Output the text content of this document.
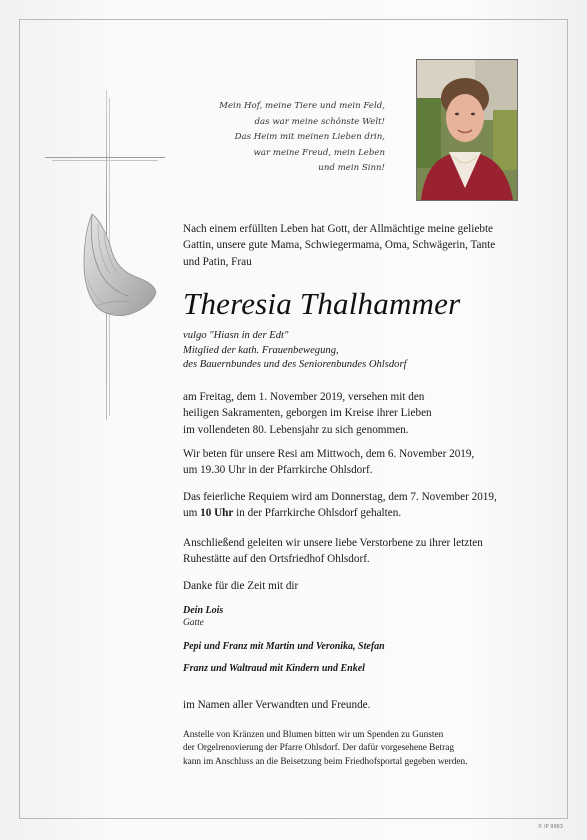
Mein Hof, meine Tiere und mein Feld,
das war meine schönste Welt!
Das Heim mit meinen Lieben drin,
war meine Freud, mein Leben
und mein Sinn!
Nach einem erfüllten Leben hat Gott, der Allmächtige meine geliebte
Gattin, unsere gute Mama, Schwiegermama, Oma, Schwägerin, Tante
und Patin, Frau
Theresia Thalhammer
vulgo "Hiasn in der Edt"
Mitglied der kath. Frauenbewegung,
des Bauernbundes und des Seniorenbundes Ohlsdorf
am Freitag, dem 1. November 2019, versehen mit den
heiligen Sakramenten, geborgen im Kreise ihrer Lieben
im vollendeten 80. Lebensjahr zu sich genommen.
Wir beten für unsere Resi am Mittwoch, dem 6. November 2019,
um 19.30 Uhr in der Pfarrkirche Ohlsdorf.
Das feierliche Requiem wird am Donnerstag, dem 7. November 2019,
um 10 Uhr in der Pfarrkirche Ohlsdorf gehalten.
Anschließend geleiten wir unsere liebe Verstorbene zu ihrer letzten
Ruhestätte auf den Ortsfriedhof Ohlsdorf.
Danke für die Zeit mit dir
Dein Lois
Gatte
Pepi und Franz mit Martin und Veronika, Stefan
Franz und Waltraud mit Kindern und Enkel
im Namen aller Verwandten und Freunde.
Anstelle von Kränzen und Blumen bitten wir um Spenden zu Gunsten
der Orgelrenovierung der Pfarre Ohlsdorf. Der dafür vorgesehene Betrag
kann im Anschluss an die Beisetzung beim Friedhofsportal gegeben werden.
© IP 9963
